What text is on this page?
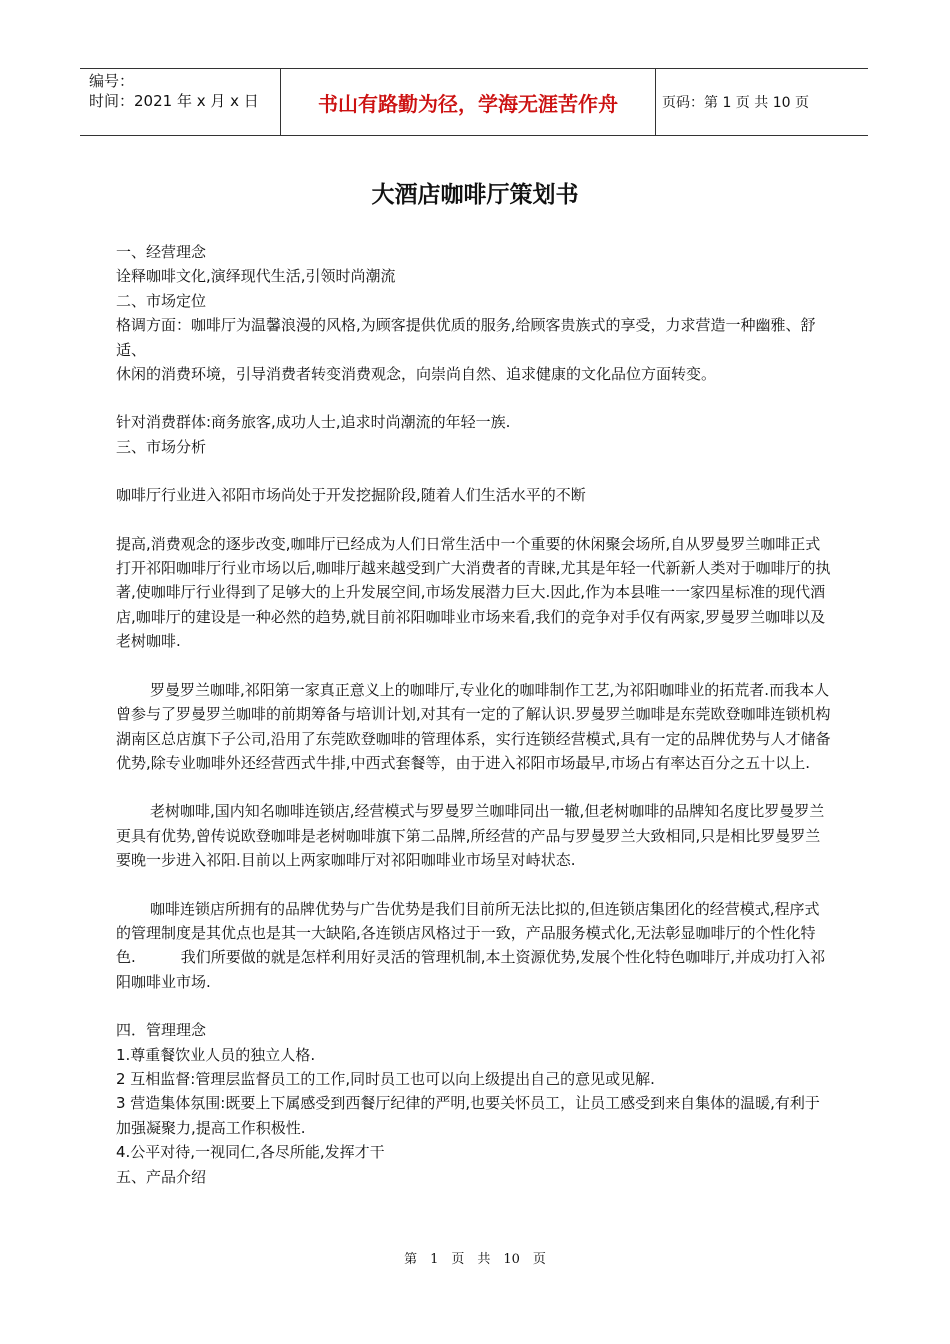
编号：
时间：2021 年 x 月 x 日	书山有路勤为径，学海无涯苦作舟	页码：第 1 页 共 10 页
大酒店咖啡厅策划书

一、经营理念

诠释咖啡文化,演绎现代生活,引领时尚潮流

二、市场定位

格调方面：咖啡厅为温馨浪漫的风格,为顾客提供优质的服务,给顾客贵族式的享受，力求营造一种幽雅、舒适、

休闲的消费环境，引导消费者转变消费观念，向崇尚自然、追求健康的文化品位方面转变。

针对消费群体:商务旅客,成功人士,追求时尚潮流的年轻一族.

三、市场分析

咖啡厅行业进入祁阳市场尚处于开发挖掘阶段,随着人们生活水平的不断

提高,消费观念的逐步改变,咖啡厅已经成为人们日常生活中一个重要的休闲聚会场所,自从罗曼罗兰咖啡正式打开祁阳咖啡厅行业市场以后,咖啡厅越来越受到广大消费者的青睐,尤其是年轻一代新新人类对于咖啡厅的执著,使咖啡厅行业得到了足够大的上升发展空间,市场发展潜力巨大.因此,作为本县唯一一家四星标准的现代酒店,咖啡厅的建设是一种必然的趋势,就目前祁阳咖啡业市场来看,我们的竞争对手仅有两家,罗曼罗兰咖啡以及老树咖啡.

罗曼罗兰咖啡,祁阳第一家真正意义上的咖啡厅,专业化的咖啡制作工艺,为祁阳咖啡业的拓荒者.而我本人曾参与了罗曼罗兰咖啡的前期筹备与培训计划,对其有一定的了解认识.罗曼罗兰咖啡是东莞欧登咖啡连锁机构湖南区总店旗下子公司,沿用了东莞欧登咖啡的管理体系，实行连锁经营模式,具有一定的品牌优势与人才储备优势,除专业咖啡外还经营西式牛排,中西式套餐等，由于进入祁阳市场最早,市场占有率达百分之五十以上.

老树咖啡,国内知名咖啡连锁店,经营模式与罗曼罗兰咖啡同出一辙,但老树咖啡的品牌知名度比罗曼罗兰更具有优势,曾传说欧登咖啡是老树咖啡旗下第二品牌,所经营的产品与罗曼罗兰大致相同,只是相比罗曼罗兰要晚一步进入祁阳.目前以上两家咖啡厅对祁阳咖啡业市场呈对峙状态.

咖啡连锁店所拥有的品牌优势与广告优势是我们目前所无法比拟的,但连锁店集团化的经营模式,程序式的管理制度是其优点也是其一大缺陷,各连锁店风格过于一致，产品服务模式化,无法彰显咖啡厅的个性化特色.　　　我们所要做的就是怎样利用好灵活的管理机制,本土资源优势,发展个性化特色咖啡厅,并成功打入祁阳咖啡业市场.

四．管理理念

1.尊重餐饮业人员的独立人格.

2 互相监督:管理层监督员工的工作,同时员工也可以向上级提出自己的意见或见解.

3 营造集体氛围:既要上下属感受到西餐厅纪律的严明,也要关怀员工，让员工感受到来自集体的温暖,有利于加强凝聚力,提高工作积极性.

4.公平对待,一视同仁,各尽所能,发挥才干

五、产品介绍

第　1　页　共　10　页
